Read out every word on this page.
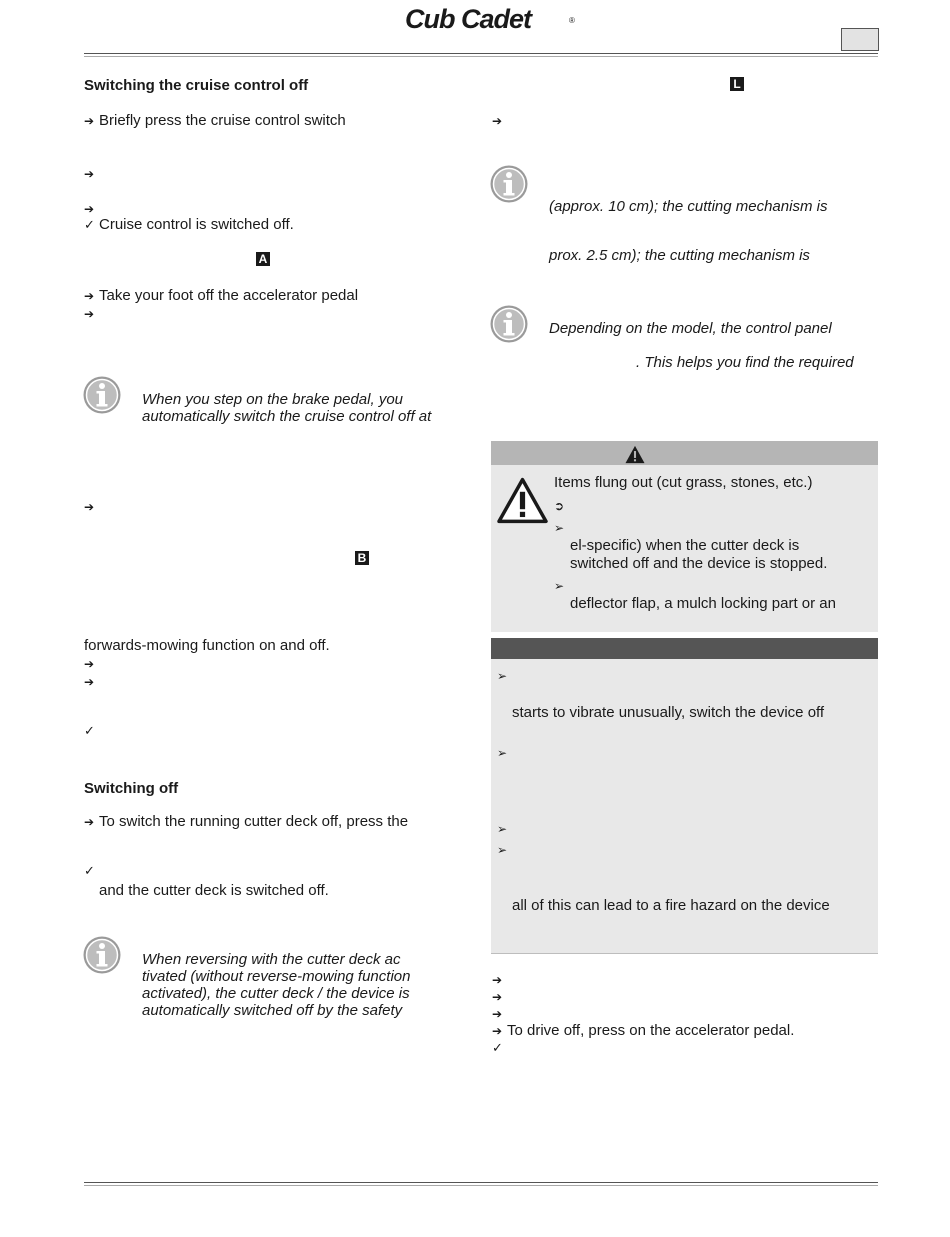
Cub Cadet	®
Switching the cruise control off
➔ Briefly press the cruise control switch
➔
➔
✓ Cruise control is switched off.
A
➔ Take your foot off the accelerator pedal
➔
When you step on the brake pedal, you
automatically switch the cruise control off at
➔
B
forwards-mowing function on and off.
➔
➔
✓
Switching off
➔ To switch the running cutter deck off, press the
✓
and the cutter deck is switched off.
When reversing with the cutter deck ac
tivated (without reverse-mowing function
activated), the cutter deck / the device is
automatically switched off by the safety
L
➔
(approx. 10 cm); the cutting mechanism is
prox. 2.5 cm); the cutting mechanism is
Depending on the model, the control panel
. This helps you find the required
Items flung out (cut grass, stones, etc.)
➲
➢
el-specific) when the cutter deck is
switched off and the device is stopped.
➢
deflector flap, a mulch locking part or an
➢
starts to vibrate unusually, switch the device off
➢
➢
➢
all of this can lead to a fire hazard on the device
➔
➔
➔
➔ To drive off, press on the accelerator pedal.
✓
